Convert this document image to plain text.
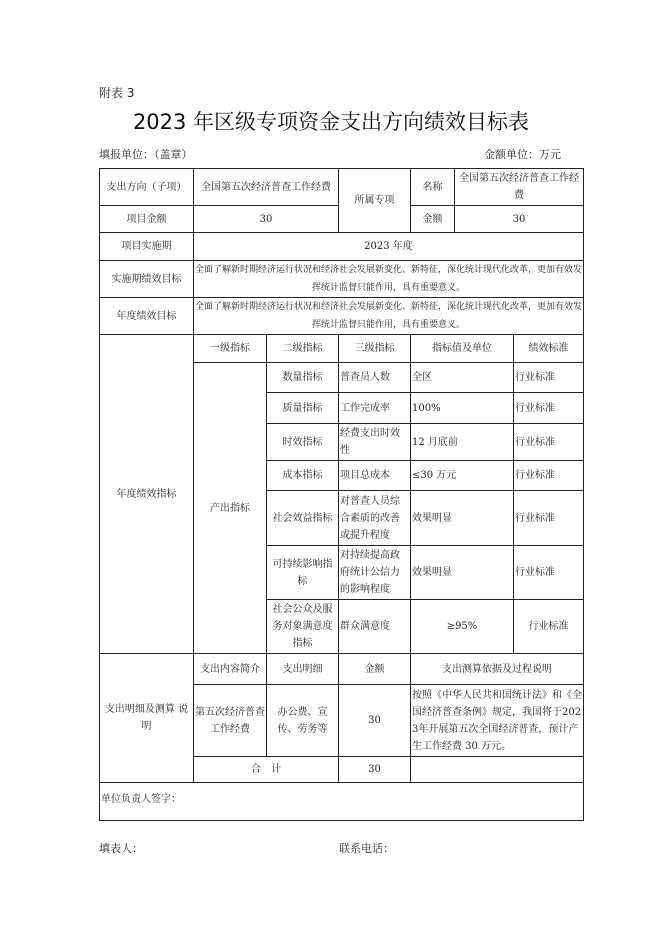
附表 3
2023 年区级专项资金支出方向绩效目标表
填报单位：（盖章）	金额单位：万元
支出方向（子项）	全国第五次经济普查工作经费		所属专项	名称	全国第五次经济普查工作经费	
项目金额	30			金额	30	
项目实施期	2023 年度					
实施期绩效目标	全面了解新时期经济运行状况和经济社会发展新变化、新特征，深化统计现代化改革，更加有效发挥统计监督只能作用，具有重要意义。					
年度绩效目标	全面了解新时期经济运行状况和经济社会发展新变化、新特征，深化统计现代化改革，更加有效发挥统计监督只能作用，具有重要意义。					
年度绩效指标	一级指标	二级指标	三级指标	指标值及单位		绩效标准
	产出指标	数量指标	普查员人数	全区		行业标准
		质量指标	工作完成率	100%		行业标准
		时效指标	经费支出时效性	12 月底前		行业标准
		成本指标	项目总成本	≤30 万元		行业标准
		社会效益指标	对普查人员综合素质的改善或提升程度	效果明显		行业标准
		可持续影响指标	对持续提高政府统计公信力的影响程度	效果明显		行业标准
		社会公众及服务对象满意度指标	群众满意度	≥95%		行业标准
支出明细及测算 说明	支出内容简介	支出明细	金额	支出测算依据及过程说明		
	第五次经济普查工作经费	办公费、宣传、劳务等	30	按照《中华人民共和国统计法》和《全国经济普查条例》规定，我国将于2023年开展第五次全国经济普查，预计产生工作经费 30 万元。		
	合　计		30			
单位负责人签字：						
填表人：	联系电话：
